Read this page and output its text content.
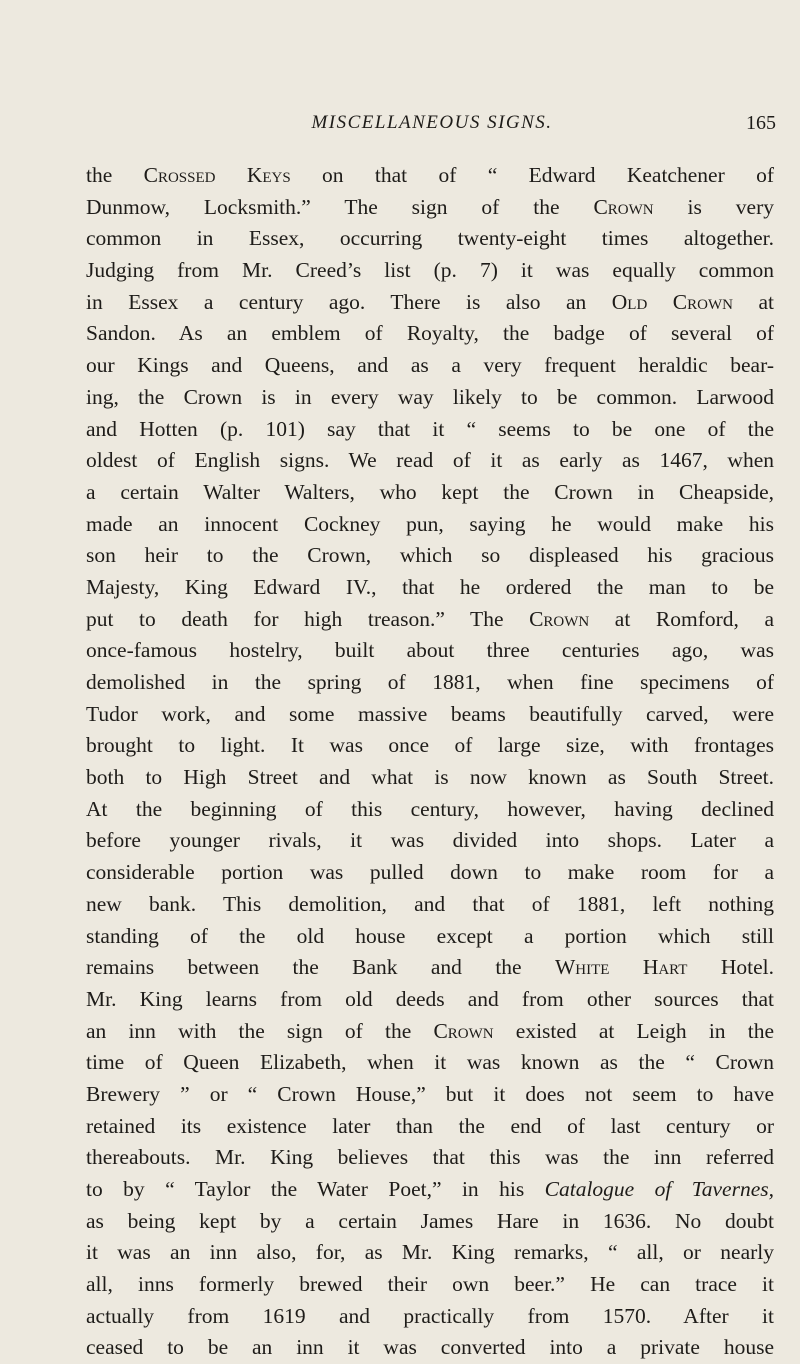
MISCELLANEOUS SIGNS.	165
the Crossed Keys on that of “ Edward Keatchener of
Dunmow, Locksmith.” The sign of the Crown is very
common in Essex, occurring twenty-eight times altogether.
Judging from Mr. Creed’s list (p. 7) it was equally common
in Essex a century ago. There is also an Old Crown at
Sandon. As an emblem of Royalty, the badge of several of
our Kings and Queens, and as a very frequent heraldic bear-
ing, the Crown is in every way likely to be common. Larwood
and Hotten (p. 101) say that it “ seems to be one of the
oldest of English signs. We read of it as early as 1467, when
a certain Walter Walters, who kept the Crown in Cheapside,
made an innocent Cockney pun, saying he would make his
son heir to the Crown, which so displeased his gracious
Majesty, King Edward IV., that he ordered the man to be
put to death for high treason.” The Crown at Romford, a
once-famous hostelry, built about three centuries ago, was
demolished in the spring of 1881, when fine specimens of
Tudor work, and some massive beams beautifully carved, were
brought to light. It was once of large size, with frontages
both to High Street and what is now known as South Street.
At the beginning of this century, however, having declined
before younger rivals, it was divided into shops. Later a
considerable portion was pulled down to make room for a
new bank. This demolition, and that of 1881, left nothing
standing of the old house except a portion which still
remains between the Bank and the White Hart Hotel.
Mr. King learns from old deeds and from other sources that
an inn with the sign of the Crown existed at Leigh in the
time of Queen Elizabeth, when it was known as the “ Crown
Brewery ” or “ Crown House,” but it does not seem to have
retained its existence later than the end of last century or
thereabouts. Mr. King believes that this was the inn referred
to by “ Taylor the Water Poet,” in his Catalogue of Tavernes,
as being kept by a certain James Hare in 1636. No doubt
it was an inn also, for, as Mr. King remarks, “ all, or nearly
all, inns formerly brewed their own beer.” He can trace it
actually from 1619 and practically from 1570. After it
ceased to be an inn it was converted into a private house
